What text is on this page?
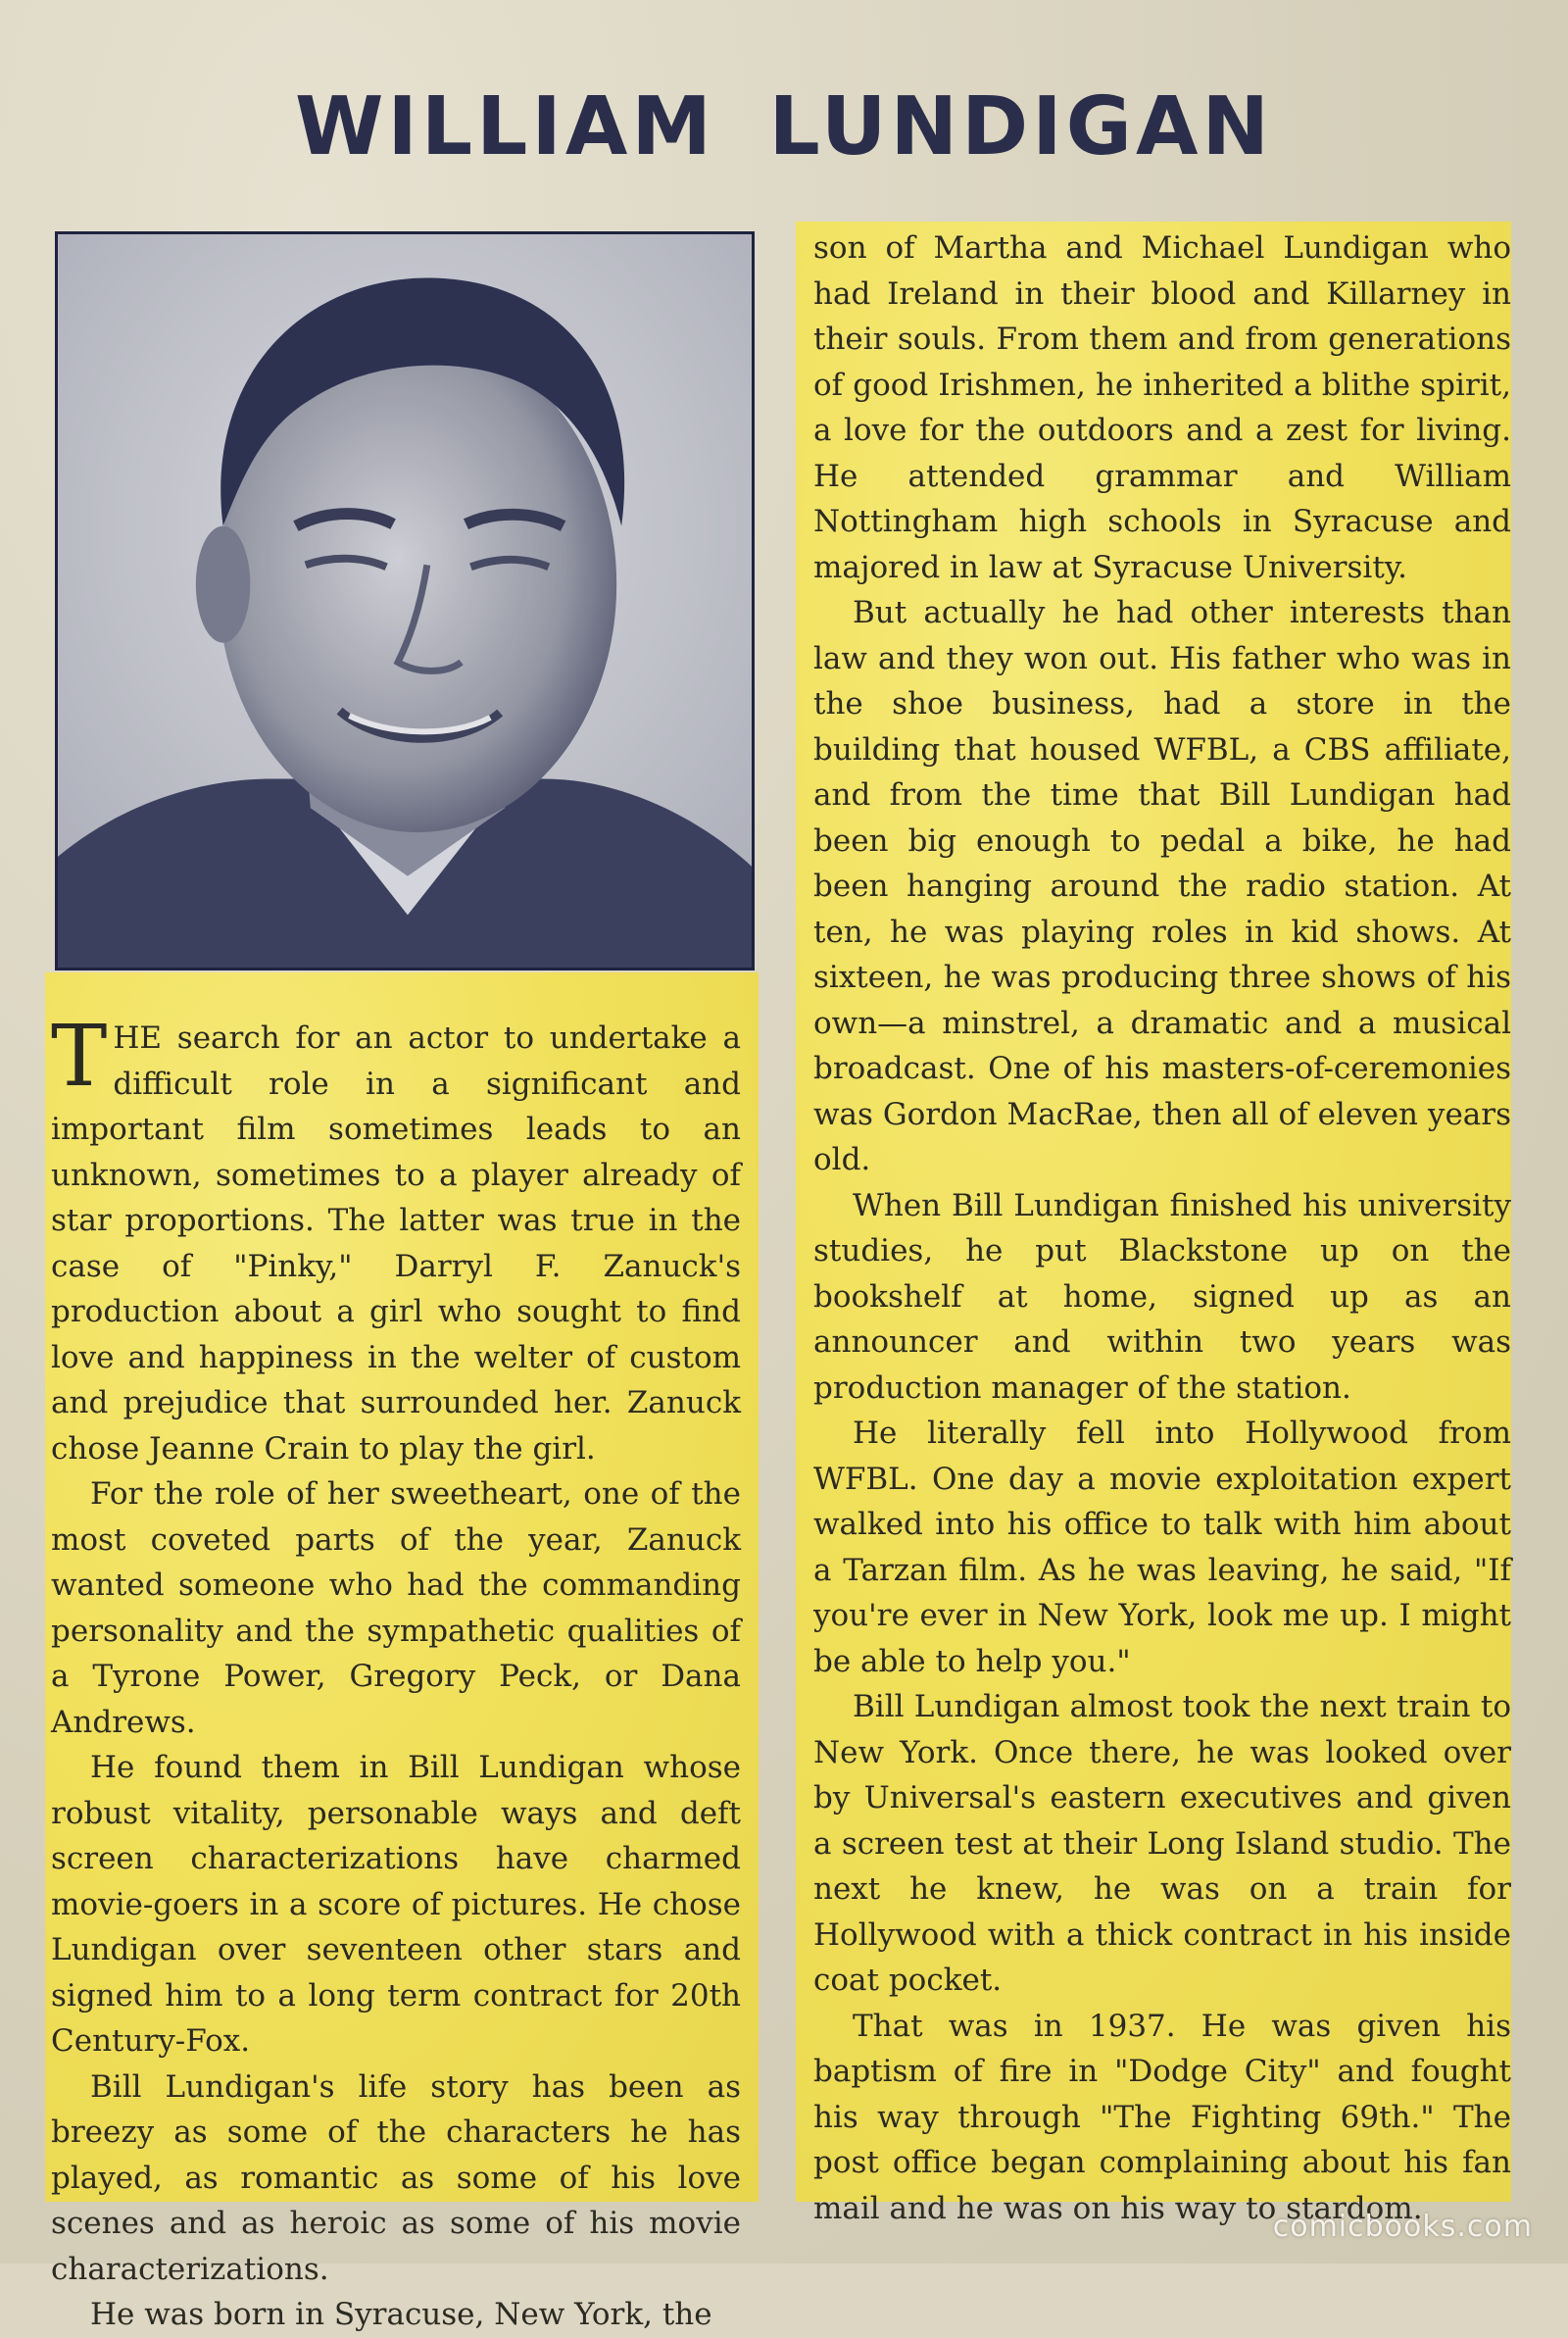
WILLIAM LUNDIGAN

THE search for an actor to undertake a difficult role in a significant and important film sometimes leads to an unknown, sometimes to a player already of star proportions. The latter was true in the case of "Pinky," Darryl F. Zanuck's production about a girl who sought to find love and happiness in the welter of custom and prejudice that surrounded her. Zanuck chose Jeanne Crain to play the girl.

For the role of her sweetheart, one of the most coveted parts of the year, Zanuck wanted someone who had the commanding personality and the sympathetic qualities of a Tyrone Power, Gregory Peck, or Dana Andrews.

He found them in Bill Lundigan whose robust vitality, personable ways and deft screen characterizations have charmed movie-goers in a score of pictures. He chose Lundigan over seventeen other stars and signed him to a long term contract for 20th Century-Fox.

Bill Lundigan's life story has been as breezy as some of the characters he has played, as romantic as some of his love scenes and as heroic as some of his movie characterizations.

He was born in Syracuse, New York, the

son of Martha and Michael Lundigan who had Ireland in their blood and Killarney in their souls. From them and from generations of good Irishmen, he inherited a blithe spirit, a love for the outdoors and a zest for living. He attended grammar and William Nottingham high schools in Syracuse and majored in law at Syracuse University.

But actually he had other interests than law and they won out. His father who was in the shoe business, had a store in the building that housed WFBL, a CBS affiliate, and from the time that Bill Lundigan had been big enough to pedal a bike, he had been hanging around the radio station. At ten, he was playing roles in kid shows. At sixteen, he was producing three shows of his own—a minstrel, a dramatic and a musical broadcast. One of his masters-of-ceremonies was Gordon MacRae, then all of eleven years old.

When Bill Lundigan finished his university studies, he put Blackstone up on the bookshelf at home, signed up as an announcer and within two years was production manager of the station.

He literally fell into Hollywood from WFBL. One day a movie exploitation expert walked into his office to talk with him about a Tarzan film. As he was leaving, he said, "If you're ever in New York, look me up. I might be able to help you."

Bill Lundigan almost took the next train to New York. Once there, he was looked over by Universal's eastern executives and given a screen test at their Long Island studio. The next he knew, he was on a train for Hollywood with a thick contract in his inside coat pocket.

That was in 1937. He was given his baptism of fire in "Dodge City" and fought his way through "The Fighting 69th." The post office began complaining about his fan mail and he was on his way to stardom.

comicbooks.com
